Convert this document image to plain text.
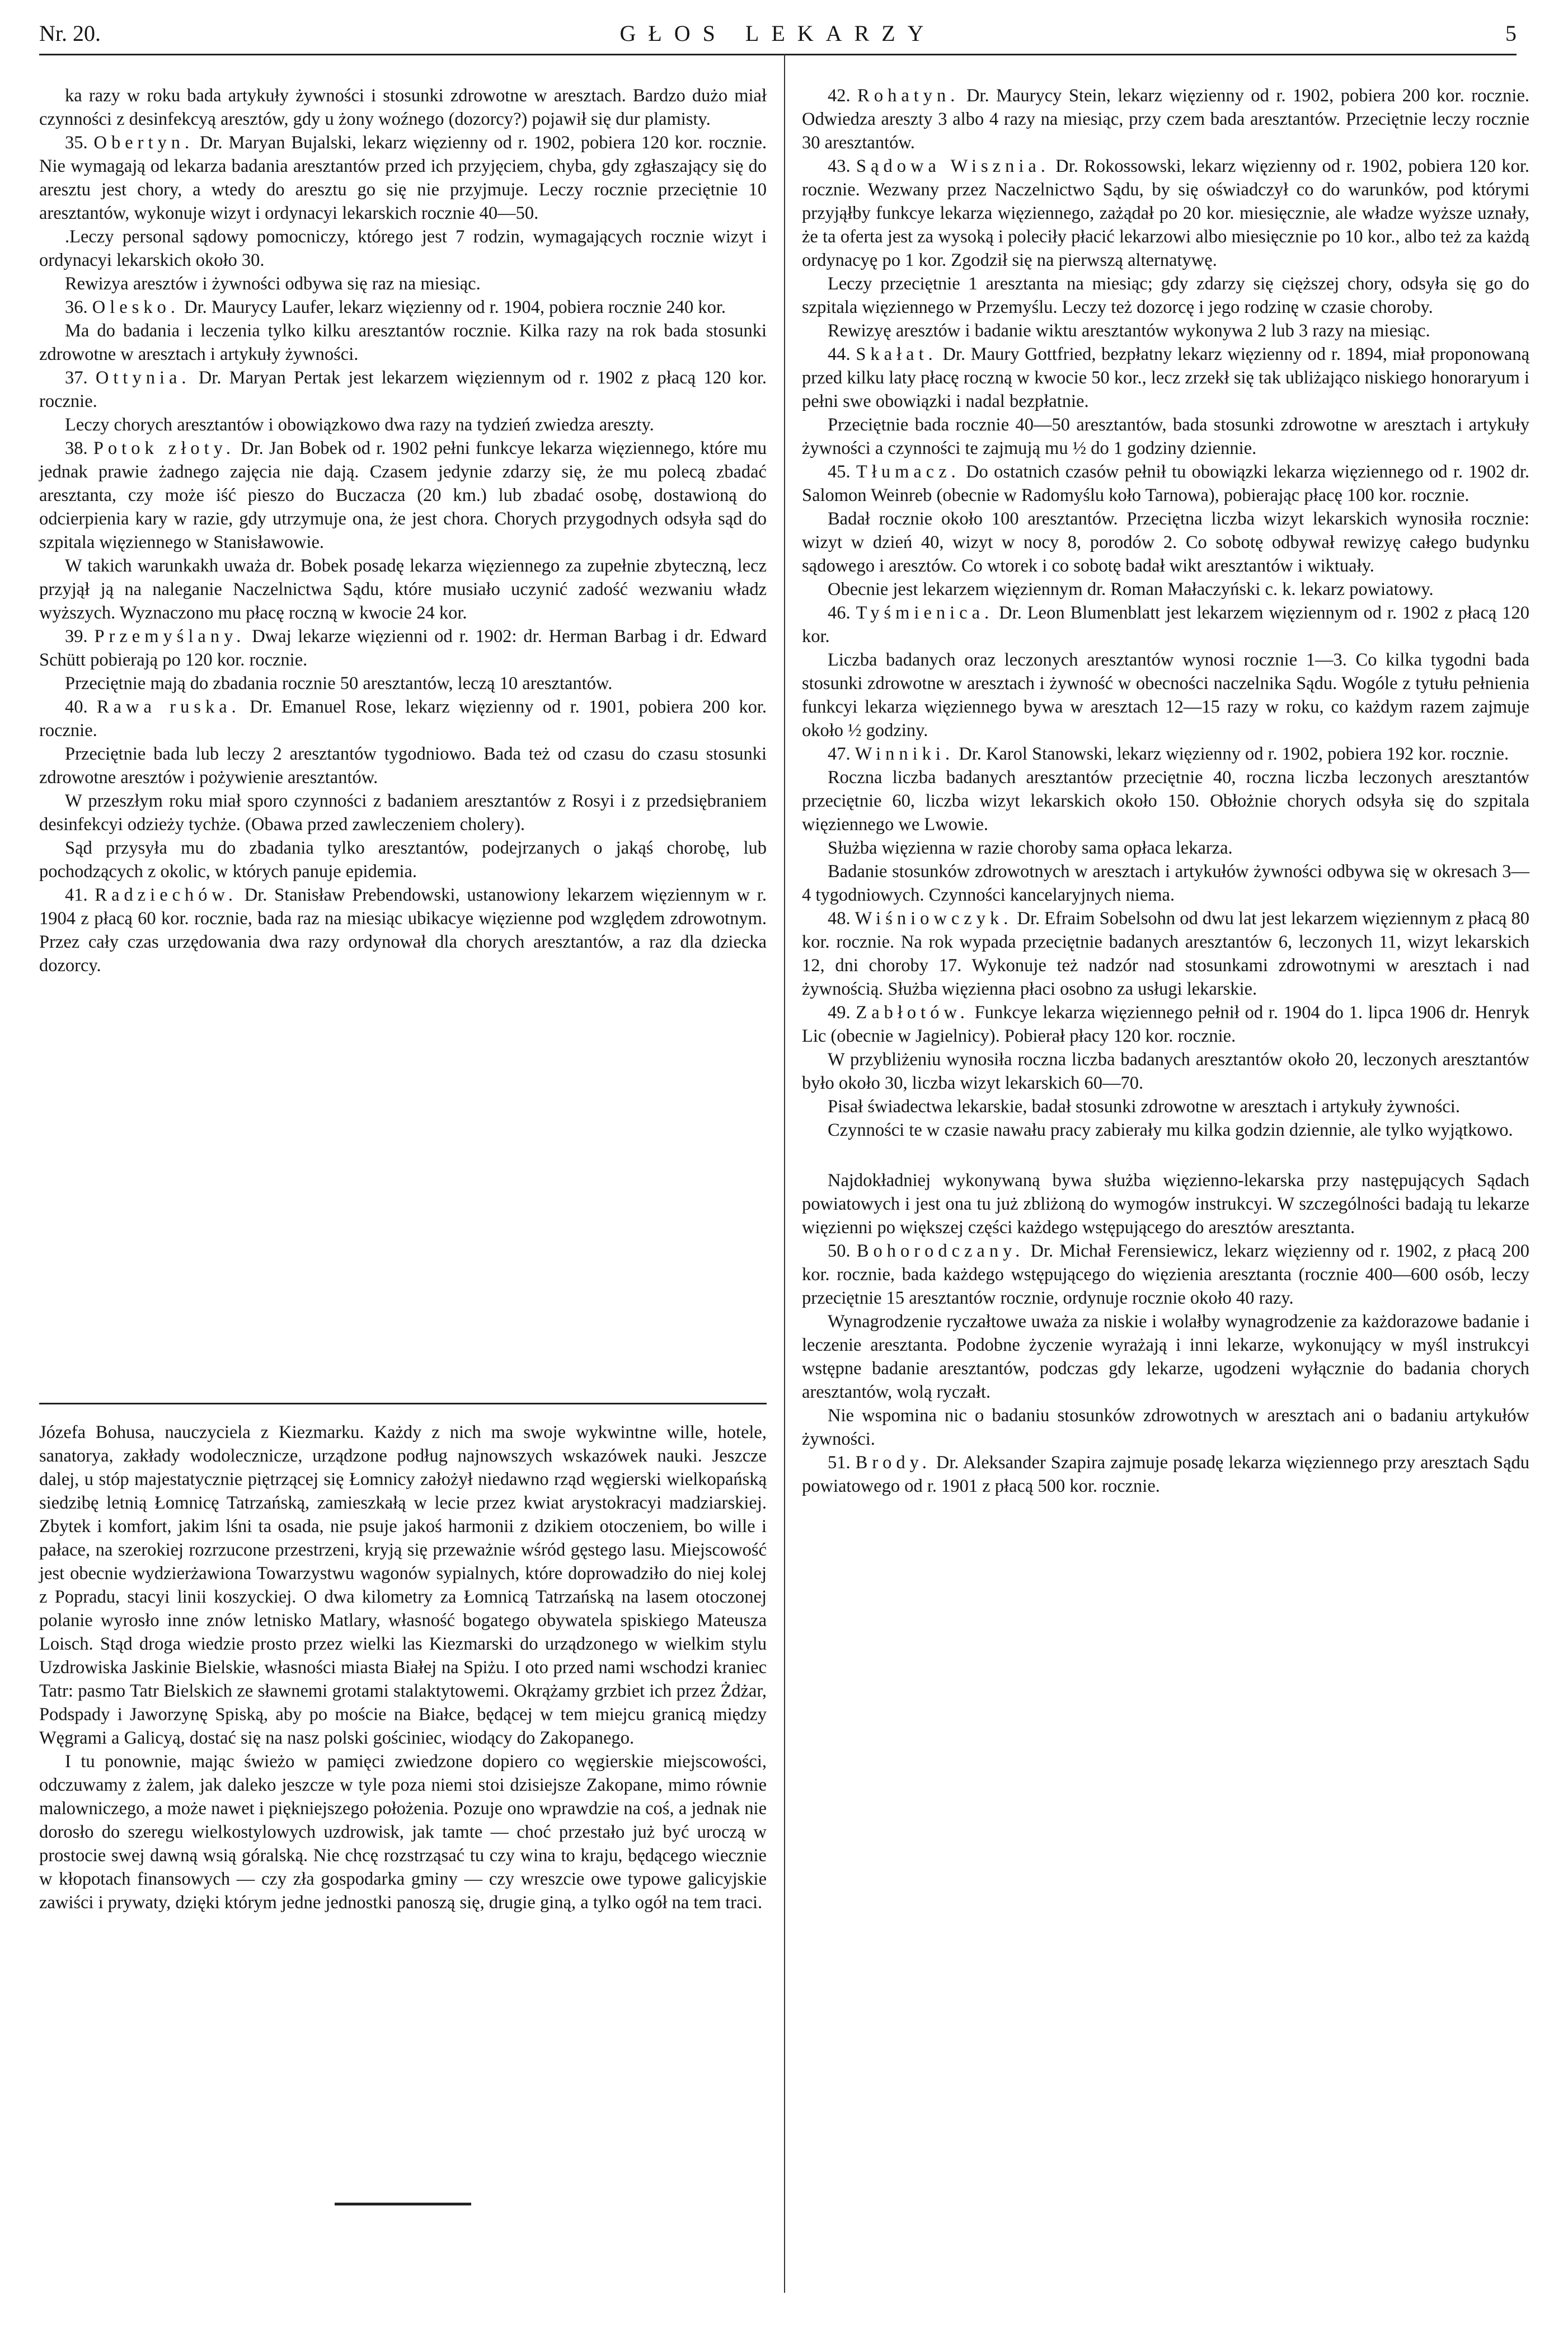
Nr. 20.	GŁOS LEKARZY	5

ka razy w roku bada artykuły żywności i stosunki zdrowotne w aresztach. Bardzo dużo miał czynności z desinfekcyą aresztów, gdy u żony woźnego (dozorcy?) pojawił się dur plamisty.

35. Obertyn. Dr. Maryan Bujalski, lekarz więzienny od r. 1902, pobiera 120 kor. rocznie. Nie wymagają od lekarza badania aresztantów przed ich przyjęciem, chyba, gdy zgłaszający się do aresztu jest chory, a wtedy do aresztu go się nie przyjmuje. Leczy rocznie przeciętnie 10 aresztantów, wykonuje wizyt i ordynacyi lekarskich rocznie 40—50.

.Leczy personal sądowy pomocniczy, którego jest 7 rodzin, wymagających rocznie wizyt i ordynacyi lekarskich około 30.

Rewizya aresztów i żywności odbywa się raz na miesiąc.

36. Olesko. Dr. Maurycy Laufer, lekarz więzienny od r. 1904, pobiera rocznie 240 kor.

Ma do badania i leczenia tylko kilku aresztantów rocznie. Kilka razy na rok bada stosunki zdrowotne w aresztach i artykuły żywności.

37. Ottynia. Dr. Maryan Pertak jest lekarzem więziennym od r. 1902 z płacą 120 kor. rocznie.

Leczy chorych aresztantów i obowiązkowo dwa razy na tydzień zwiedza areszty.

38. Potok złoty. Dr. Jan Bobek od r. 1902 pełni funkcye lekarza więziennego, które mu jednak prawie żadnego zajęcia nie dają. Czasem jedynie zdarzy się, że mu polecą zbadać aresztanta, czy może iść pieszo do Buczacza (20 km.) lub zbadać osobę, dostawioną do odcierpienia kary w razie, gdy utrzymuje ona, że jest chora. Chorych przygodnych odsyła sąd do szpitala więziennego w Stanisławowie.

W takich warunkakh uważa dr. Bobek posadę lekarza więziennego za zupełnie zbyteczną, lecz przyjął ją na naleganie Naczelnictwa Sądu, które musiało uczynić zadość wezwaniu władz wyższych. Wyznaczono mu płacę roczną w kwocie 24 kor.

39. Przemyślany. Dwaj lekarze więzienni od r. 1902: dr. Herman Barbag i dr. Edward Schütt pobierają po 120 kor. rocznie.

Przeciętnie mają do zbadania rocznie 50 aresztantów, leczą 10 aresztantów.

40. Rawa ruska. Dr. Emanuel Rose, lekarz więzienny od r. 1901, pobiera 200 kor. rocznie.

Przeciętnie bada lub leczy 2 aresztantów tygodniowo. Bada też od czasu do czasu stosunki zdrowotne aresztów i pożywienie aresztantów.

W przeszłym roku miał sporo czynności z badaniem aresztantów z Rosyi i z przedsiębraniem desinfekcyi odzieży tychże. (Obawa przed zawleczeniem cholery).

Sąd przysyła mu do zbadania tylko aresztantów, podejrzanych o jakąś chorobę, lub pochodzących z okolic, w których panuje epidemia.

41. Radziechów. Dr. Stanisław Prebendowski, ustanowiony lekarzem więziennym w r. 1904 z płacą 60 kor. rocznie, bada raz na miesiąc ubikacye więzienne pod względem zdrowotnym. Przez cały czas urzędowania dwa razy ordynował dla chorych aresztantów, a raz dla dziecka dozorcy.

Józefa Bohusa, nauczyciela z Kiezmarku. Każdy z nich ma swoje wykwintne wille, hotele, sanatorya, zakłady wodoleczniczе, urządzone podług najnowszych wskazówek nauki. Jeszcze dalej, u stóp majestatycznie piętrzącej się Łomnicy założył niedawno rząd węgierski wielkopańską siedzibę letnią Łomnicę Tatrzańską, zamieszkałą w lecie przez kwiat arystokracyi madziarskiej. Zbytek i komfort, jakim lśni ta osada, nie psuje jakoś harmonii z dzikiem otoczeniem, bo wille i pałace, na szerokiej rozrzucone przestrzeni, kryją się przeważnie wśród gęstego lasu. Miejscowość jest obecnie wydzierżawiona Towarzystwu wagonów sypialnych, które doprowadziło do niej kolej z Popradu, stacyi linii koszyckiej. O dwa kilometry za Łomnicą Tatrzańską na lasem otoczonej polanie wyrosło inne znów letnisko Matlary, własność bogatego obywatela spiskiego Mateusza Loisch. Stąd droga wiedzie prosto przez wielki las Kiezmarski do urządzonego w wielkim stylu Uzdrowiska Jaskinie Bielskie, własności miasta Białej na Spiżu. I oto przed nami wschodzi kraniec Tatr: pasmo Tatr Bielskich ze sławnemi grotami stalaktytowemi. Okrążamy grzbiet ich przez Żdżar, Podspady i Jaworzynę Spiską, aby po moście na Białce, będącej w tem miejcu granicą między Węgrami a Galicyą, dostać się na nasz polski gościniec, wiodący do Zakopanego.

I tu ponownie, mając świeżo w pamięci zwiedzone dopiero co węgierskie miejscowości, odczuwamy z żalem, jak daleko jeszcze w tyle poza niemi stoi dzisiejsze Zakopane, mimo równie malowniczego, a może nawet i piękniejszego położenia. Pozuje ono wprawdzie na coś, a jednak nie dorosło do szeregu wielkostylowych uzdrowisk, jak tamte — choć przestało już być uroczą w prostocie swej dawną wsią góralską. Nie chcę rozstrząsać tu czy wina to kraju, będącego wiecznie w kłopotach finansowych — czy zła gospodarka gminy — czy wreszcie owe typowe galicyjskie zawiści i prywaty, dzięki którym jedne jednostki panoszą się, drugie giną, a tylko ogół na tem traci.

42. Rohatyn. Dr. Maurycy Stein, lekarz więzienny od r. 1902, pobiera 200 kor. rocznie. Odwiedza areszty 3 albo 4 razy na miesiąc, przy czem bada aresztantów. Przeciętnie leczy rocznie 30 aresztantów.

43. Sądowa Wisznia. Dr. Rokossowski, lekarz więzienny od r. 1902, pobiera 120 kor. rocznie. Wezwany przez Naczelnictwo Sądu, by się oświadczył co do warunków, pod którymi przyjąłby funkcye lekarza więziennego, zażądał po 20 kor. miesięcznie, ale władze wyższe uznały, że ta oferta jest za wysoką i poleciły płacić lekarzowi albo miesięcznie po 10 kor., albo też za każdą ordynacyę po 1 kor. Zgodził się na pierwszą alternatywę.

Leczy przeciętnie 1 aresztanta na miesiąc; gdy zdarzy się cięższej chory, odsyła się go do szpitala więziennego w Przemyślu. Leczy też dozorcę i jego rodzinę w czasie choroby.

Rewizyę aresztów i badanie wiktu aresztantów wykonywa 2 lub 3 razy na miesiąc.

44. Skałat. Dr. Maury Gottfried, bezpłatny lekarz więzienny od r. 1894, miał proponowaną przed kilku laty płacę roczną w kwocie 50 kor., lecz zrzekł się tak ubliżająco niskiego honoraryum i pełni swe obowiązki i nadal bezpłatnie.

Przeciętnie bada rocznie 40—50 aresztantów, bada stosunki zdrowotne w aresztach i artykuły żywności a czynności te zajmują mu ½ do 1 godziny dziennie.

45. Tłumacz. Do ostatnich czasów pełnił tu obowiązki lekarza więziennego od r. 1902 dr. Salomon Weinreb (obecnie w Radomyślu koło Tarnowa), pobierając płacę 100 kor. rocznie.

Badał rocznie około 100 aresztantów. Przeciętna liczba wizyt lekarskich wynosiła rocznie: wizyt w dzień 40, wizyt w nocy 8, porodów 2. Co sobotę odbywał rewizyę całego budynku sądowego i aresztów. Co wtorek i co sobotę badał wikt aresztantów i wiktuały.

Obecnie jest lekarzem więziennym dr. Roman Małaczyński c. k. lekarz powiatowy.

46. Tyśmienica. Dr. Leon Blumenblatt jest lekarzem więziennym od r. 1902 z płacą 120 kor.

Liczba badanych oraz leczonych aresztantów wynosi rocznie 1—3. Co kilka tygodni bada stosunki zdrowotne w aresztach i żywność w obecności naczelnika Sądu. Wogóle z tytułu pełnienia funkcyi lekarza więziennego bywa w aresztach 12—15 razy w roku, co każdym razem zajmuje około ½ godziny.

47. Winniki. Dr. Karol Stanowski, lekarz więzienny od r. 1902, pobiera 192 kor. rocznie.

Roczna liczba badanych aresztantów przeciętnie 40, roczna liczba leczonych aresztantów przeciętnie 60, liczba wizyt lekarskich około 150. Obłożnie chorych odsyła się do szpitala więziennego we Lwowie.

Służba więzienna w razie choroby sama opłaca lekarza.

Badanie stosunków zdrowotnych w aresztach i artykułów żywności odbywa się w okresach 3—4 tygodniowych. Czynności kancelaryjnych niema.

48. Wiśniowczyk. Dr. Efraim Sobelsohn od dwu lat jest lekarzem więziennym z płacą 80 kor. rocznie. Na rok wypada przeciętnie badanych aresztantów 6, leczonych 11, wizyt lekarskich 12, dni choroby 17. Wykonuje też nadzór nad stosunkami zdrowotnymi w aresztach i nad żywnością. Służba więzienna płaci osobno za usługi lekarskie.

49. Zabłotów. Funkcye lekarza więziennego pełnił od r. 1904 do 1. lipca 1906 dr. Henryk Lic (obecnie w Jagielnicy). Pobierał płacy 120 kor. rocznie.

W przybliżeniu wynosiła roczna liczba badanych aresztantów około 20, leczonych aresztantów było około 30, liczba wizyt lekarskich 60—70.

Pisał świadectwa lekarskie, badał stosunki zdrowotne w aresztach i artykuły żywności.

Czynności te w czasie nawału pracy zabierały mu kilka godzin dziennie, ale tylko wyjątkowo.

Najdokładniej wykonywaną bywa służba więzienno-lekarska przy następujących Sądach powiatowych i jest ona tu już zbliżoną do wymogów instrukcyi. W szczególności badają tu lekarze więzienni po większej części każdego wstępującego do aresztów aresztanta.

50. Bohorodczany. Dr. Michał Ferensiewicz, lekarz więzienny od r. 1902, z płacą 200 kor. rocznie, bada każdego wstępującego do więzienia aresztanta (rocznie 400—600 osób, leczy przeciętnie 15 aresztantów rocznie, ordynuje rocznie około 40 razy.

Wynagrodzenie ryczałtowe uważa za niskie i wolałby wynagrodzenie za każdorazowe badanie i leczenie aresztanta. Podobne życzenie wyrażają i inni lekarze, wykonujący w myśl instrukcyi wstępne badanie aresztantów, podczas gdy lekarze, ugodzeni wyłącznie do badania chorych aresztantów, wolą ryczałt.

Nie wspomina nic o badaniu stosunków zdrowotnych w aresztach ani o badaniu artykułów żywności.

51. Brody. Dr. Aleksander Szapira zajmuje posadę lekarza więziennego przy aresztach Sądu powiatowego od r. 1901 z płacą 500 kor. rocznie.
